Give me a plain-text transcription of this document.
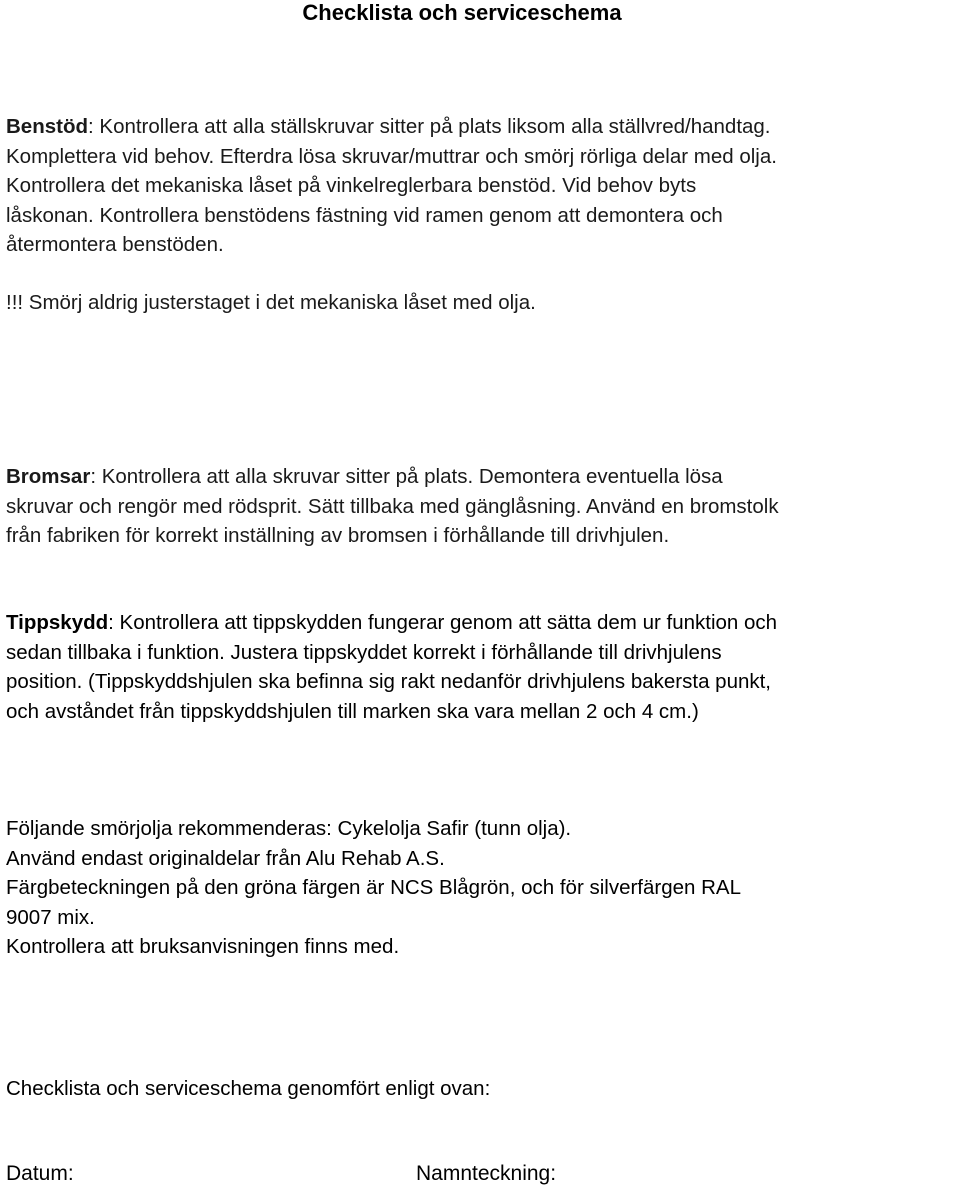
Checklista och serviceschema
Benstöd: Kontrollera att alla ställskruvar sitter på plats liksom alla ställvred/handtag.
Komplettera vid behov. Efterdra lösa skruvar/muttrar och smörj rörliga delar med olja.
Kontrollera det mekaniska låset på vinkelreglerbara benstöd. Vid behov byts
låskonan. Kontrollera benstödens fästning vid ramen genom att demontera och
återmontera benstöden.
!!! Smörj aldrig justerstaget i det mekaniska låset med olja.
Bromsar: Kontrollera att alla skruvar sitter på plats. Demontera eventuella lösa
skruvar och rengör med rödsprit. Sätt tillbaka med gänglåsning. Använd en bromstolk
från fabriken för korrekt inställning av bromsen i förhållande till drivhjulen.
Tippskydd: Kontrollera att tippskydden fungerar genom att sätta dem ur funktion och
sedan tillbaka i funktion. Justera tippskyddet korrekt i förhållande till drivhjulens
position. (Tippskyddshjulen ska befinna sig rakt nedanför drivhjulens bakersta punkt,
och avståndet från tippskyddshjulen till marken ska vara mellan 2 och 4 cm.)
Följande smörjolja rekommenderas: Cykelolja Safir (tunn olja).
Använd endast originaldelar från Alu Rehab A.S.
Färgbeteckningen på den gröna färgen är NCS Blågrön, och för silverfärgen RAL
9007 mix.
Kontrollera att bruksanvisningen finns med.
Checklista och serviceschema genomfört enligt ovan:
Datum:	Namnteckning:
